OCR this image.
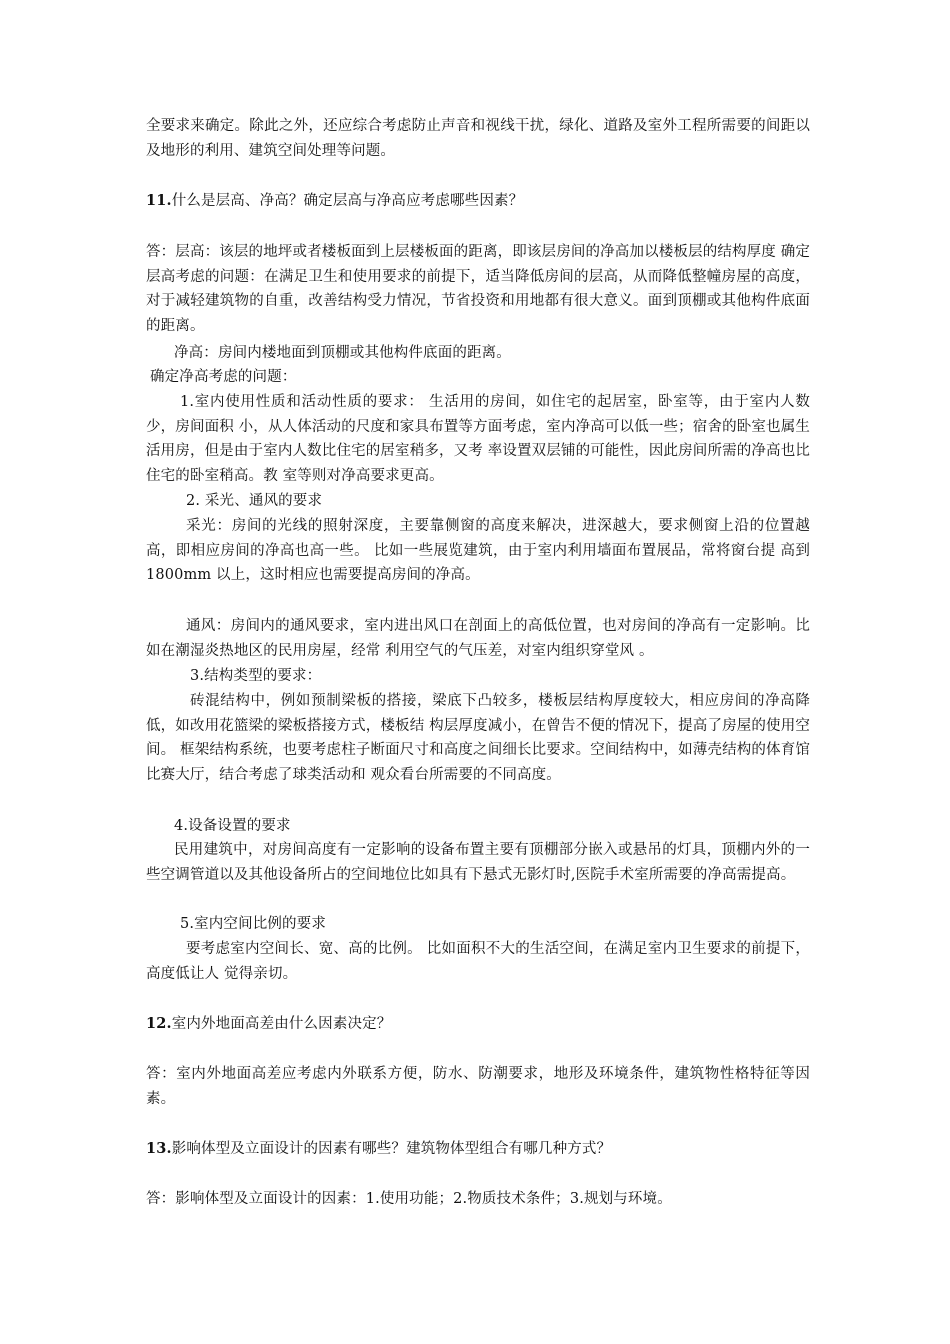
全要求来确定。除此之外，还应综合考虑防止声音和视线干扰，绿化、道路及室外工程所需要的间距以及地形的利用、建筑空间处理等问题。

11.什么是层高、净高？确定层高与净高应考虑哪些因素？

答：层高：该层的地坪或者楼板面到上层楼板面的距离，即该层房间的净高加以楼板层的结构厚度 确定层高考虑的问题：在满足卫生和使用要求的前提下，适当降低房间的层高，从而降低整幢房屋的高度，对于减轻建筑物的自重，改善结构受力情况，节省投资和用地都有很大意义。面到顶棚或其他构件底面的距离。

净高：房间内楼地面到顶棚或其他构件底面的距离。

确定净高考虑的问题：

1.室内使用性质和活动性质的要求： 生活用的房间，如住宅的起居室，卧室等，由于室内人数少，房间面积 小，从人体活动的尺度和家具布置等方面考虑，室内净高可以低一些；宿舍的卧室也属生活用房，但是由于室内人数比住宅的居室稍多，又考 率设置双层铺的可能性，因此房间所需的净高也比住宅的卧室稍高。教 室等则对净高要求更高。

2. 采光、通风的要求

采光：房间的光线的照射深度，主要靠侧窗的高度来解决，进深越大，要求侧窗上沿的位置越高，即相应房间的净高也高一些。 比如一些展览建筑，由于室内利用墙面布置展品，常将窗台提 高到 1800mm 以上，这时相应也需要提高房间的净高。

通风：房间内的通风要求，室内进出风口在剖面上的高低位置，也对房间的净高有一定影响。比如在潮湿炎热地区的民用房屋，经常 利用空气的气压差，对室内组织穿堂风 。

3.结构类型的要求：

砖混结构中，例如预制梁板的搭接，梁底下凸较多，楼板层结构厚度较大，相应房间的净高降低，如改用花篮梁的梁板搭接方式，楼板结 构层厚度减小，在曾告不便的情况下，提高了房屋的使用空间。 框架结构系统，也要考虑柱子断面尺寸和高度之间细长比要求。空间结构中，如薄壳结构的体育馆比赛大厅，结合考虑了球类活动和 观众看台所需要的不同高度。

4.设备设置的要求

民用建筑中，对房间高度有一定影响的设备布置主要有顶棚部分嵌入或悬吊的灯具，顶棚内外的一些空调管道以及其他设备所占的空间地位比如具有下悬式无影灯时,医院手术室所需要的净高需提高。

5.室内空间比例的要求

要考虑室内空间长、宽、高的比例。 比如面积不大的生活空间，在满足室内卫生要求的前提下，高度低让人 觉得亲切。

12.室内外地面高差由什么因素决定？

答：室内外地面高差应考虑内外联系方便，防水、防潮要求，地形及环境条件，建筑物性格特征等因素。

13.影响体型及立面设计的因素有哪些？建筑物体型组合有哪几种方式？

答：影响体型及立面设计的因素：1.使用功能；2.物质技术条件；3.规划与环境。
